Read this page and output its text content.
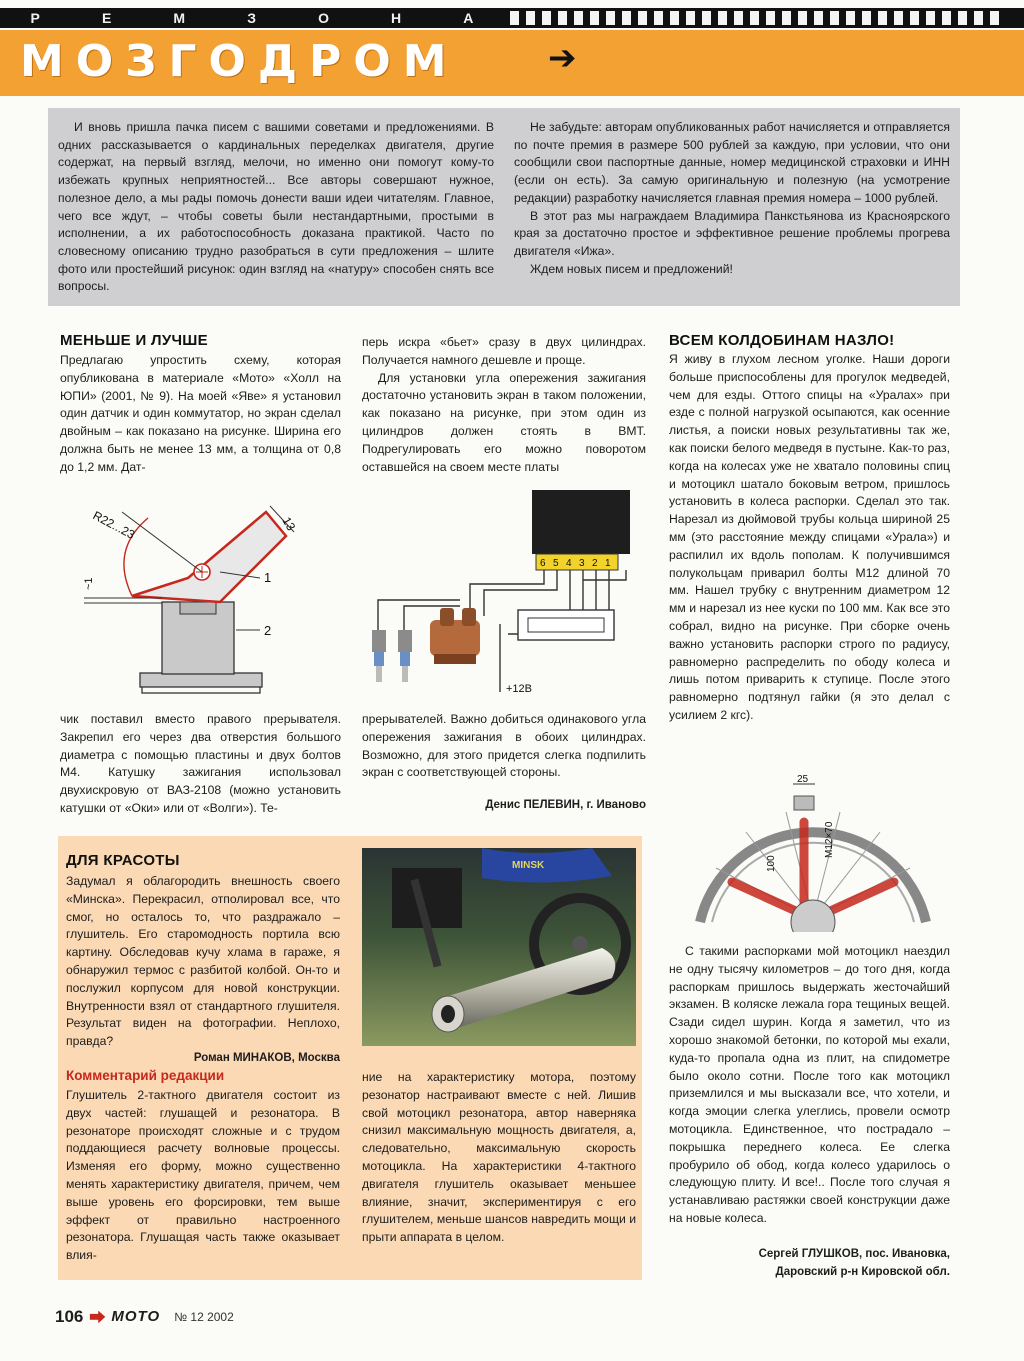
Р	Е	М	З	О	Н	А
МОЗГОДРОМ	➔

И вновь пришла пачка писем с вашими советами и предложениями. В одних рассказывается о кардинальных переделках двигателя, другие содержат, на первый взгляд, мелочи, но именно они помогут кому-то избежать крупных неприятностей... Все авторы совершают нужное, полезное дело, а мы рады помочь донести ваши идеи читателям. Главное, чего все ждут, – чтобы советы были нестандартными, простыми в исполнении, а их работоспособность доказана практикой. Часто по словесному описанию трудно разобраться в сути предложения – шлите фото или простейший рисунок: один взгляд на «натуру» способен снять все вопросы.

Не забудьте: авторам опубликованных работ начисляется и отправляется по почте премия в размере 500 рублей за каждую, при условии, что они сообщили свои паспортные данные, номер медицинской страховки и ИНН (если он есть). За самую оригинальную и полезную (на усмотрение редакции) разработку начисляется главная премия номера – 1000 рублей.

В этот раз мы награждаем Владимира Панкстьянова из Красноярского края за достаточно простое и эффективное решение проблемы прогрева двигателя «Ижа».

Ждем новых писем и предложений!

МЕНЬШЕ И ЛУЧШЕ

Предлагаю упростить схему, которая опубликована в материале «Мото» «Холл на ЮПИ» (2001, № 9). На моей «Яве» я установил один датчик и один коммутатор, но экран сделал двойным – как показано на рисунке. Ширина его должна быть не менее 13 мм, а толщина от 0,8 до 1,2 мм. Дат-

перь искра «бьет» сразу в двух цилиндрах. Получается намного дешевле и проще.

Для установки угла опережения зажигания достаточно установить экран в таком положении, как показано на рисунке, при этом один из цилиндров должен стоять в ВМТ. Подрегулировать его можно поворотом оставшейся на своем месте платы

R22...23	13
~1	1
2
6 5 4 3 2 1
+12В

чик поставил вместо правого прерывателя. Закрепил его через два отверстия большого диаметра с помощью пластины и двух болтов М4. Катушку зажигания использовал двухискровую от ВАЗ-2108 (можно установить катушки от «Оки» или от «Волги»). Те-

прерывателей. Важно добиться одинакового угла опережения зажигания в обоих цилиндрах. Возможно, для этого придется слегка подпилить экран с соответствующей стороны.

Денис ПЕЛЕВИН, г. Иваново
ВСЕМ КОЛДОБИНАМ НАЗЛО!

Я живу в глухом лесном уголке. Наши дороги больше приспособлены для прогулок медведей, чем для езды. Оттого спицы на «Уралах» при езде с полной нагрузкой осыпаются, как осенние листья, а поиски новых результативны так же, как поиски белого медведя в пустыне. Как-то раз, когда на колесах уже не хватало половины спиц и мотоцикл шатало боковым ветром, пришлось установить в колеса распорки. Сделал это так. Нарезал из дюймовой трубы кольца шириной 25 мм (это расстояние между спицами «Урала») и распилил их вдоль пополам. К получившимся полукольцам приварил болты М12 длиной 70 мм. Нашел трубку с внутренним диаметром 12 мм и нарезал из нее куски по 100 мм. Как все это собрал, видно на рисунке. При сборке очень важно установить распорки строго по радиусу, равномерно распределить по ободу колеса и лишь потом приварить к ступице. После этого равномерно подтянул гайки (я это делал с усилием 2 кгс).

25
100
М12×70

С такими распорками мой мотоцикл наездил не одну тысячу километров – до того дня, когда распоркам пришлось выдержать жесточайший экзамен. В коляске лежала гора тещиных вещей. Сзади сидел шурин. Когда я заметил, что из хорошо знакомой бетонки, по которой мы ехали, куда-то пропала одна из плит, на спидометре было около сотни. После того как мотоцикл приземлился и мы высказали все, что хотели, и когда эмоции слегка улеглись, провели осмотр мотоцикла. Единственное, что пострадало – покрышка переднего колеса. Ее слегка пробурило об обод, когда колесо ударилось о следующую плиту. И все!.. После того случая я устанавливаю растяжки своей конструкции даже на новые колеса.

Сергей ГЛУШКОВ, пос. Ивановка,
Даровский р-н Кировской обл.
ДЛЯ КРАСОТЫ

Задумал я облагородить внешность своего «Минска». Перекрасил, отполировал все, что смог, но осталось то, что раздражало – глушитель. Его старомодность портила всю картину. Обследовав кучу хлама в гараже, я обнаружил термос с разбитой колбой. Он-то и послужил корпусом для новой конструкции. Внутренности взял от стандартного глушителя. Результат виден на фотографии. Неплохо, правда?

Роман МИНАКОВ, Москва
Комментарий редакции

Глушитель 2-тактного двигателя состоит из двух частей: глушащей и резонатора. В резонаторе происходят сложные и с трудом поддающиеся расчету волновые процессы. Изменяя его форму, можно существенно менять характеристику двигателя, причем, чем выше уровень его форсировки, тем выше эффект от правильно настроенного резонатора. Глушащая часть также оказывает влия-

MINSK

ние на характеристику мотора, поэтому резонатор настраивают вместе с ней. Лишив свой мотоцикл резонатора, автор наверняка снизил максимальную мощность двигателя, а, следовательно, максимальную скорость мотоцикла. На характеристики 4-тактного двигателя глушитель оказывает меньшее влияние, значит, экспериментируя с его глушителем, меньше шансов навредить мощи и прыти аппарата в целом.

106 ⮕ МОТО № 12 2002
